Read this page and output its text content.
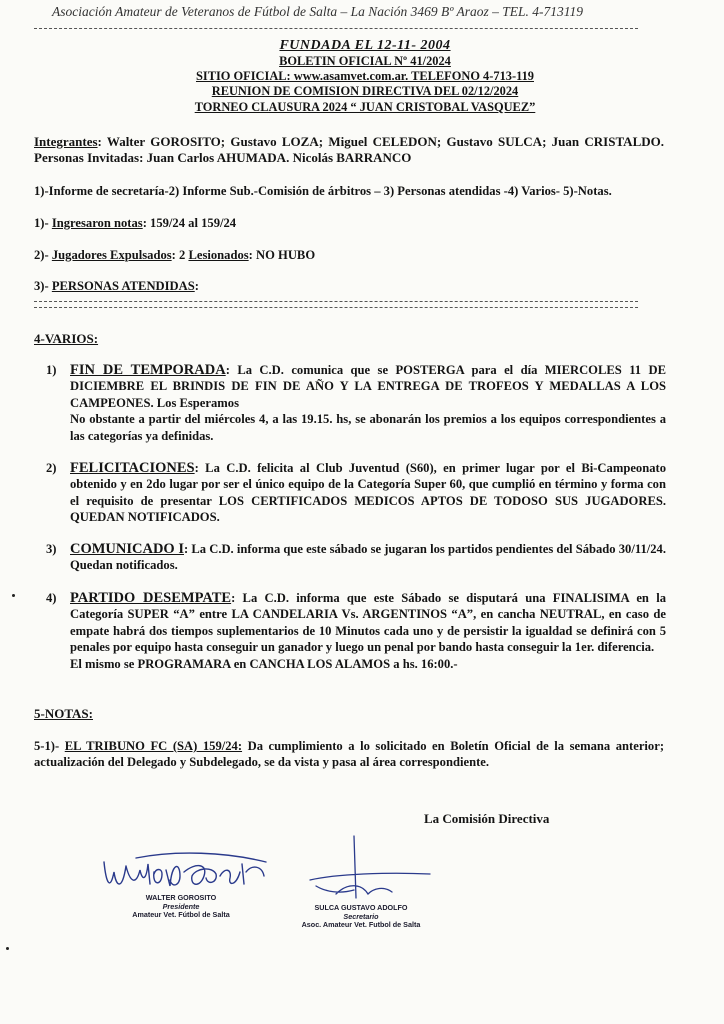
Asociación Amateur de Veteranos de Fútbol de Salta – La Nación 3469 Bº Araoz – TEL. 4-713119
FUNDADA EL 12-11- 2004
BOLETIN OFICIAL Nº 41/2024
SITIO OFICIAL: www.asamvet.com.ar. TELEFONO 4-713-119
REUNION DE COMISION DIRECTIVA DEL 02/12/2024
TORNEO CLAUSURA 2024 “ JUAN CRISTOBAL VASQUEZ”
Integrantes: Walter GOROSITO; Gustavo LOZA; Miguel CELEDON; Gustavo SULCA; Juan CRISTALDO. Personas Invitadas: Juan Carlos AHUMADA. Nicolás BARRANCO
1)-Informe de secretaría-2) Informe Sub.-Comisión de árbitros – 3) Personas atendidas -4) Varios- 5)-Notas.
1)- Ingresaron notas: 159/24 al 159/24
2)- Jugadores Expulsados: 2 Lesionados: NO HUBO
3)- PERSONAS ATENDIDAS:
4-VARIOS:
1) FIN DE TEMPORADA: La C.D. comunica que se POSTERGA para el día MIERCOLES 11 DE DICIEMBRE EL BRINDIS DE FIN DE AÑO Y LA ENTREGA DE TROFEOS Y MEDALLAS A LOS CAMPEONES. Los Esperamos
No obstante a partir del miércoles 4, a las 19.15. hs, se abonarán los premios a los equipos correspondientes a las categorías ya definidas.
2) FELICITACIONES: La C.D. felicita al Club Juventud (S60), en primer lugar por el Bi-Campeonato obtenido y en 2do lugar por ser el único equipo de la Categoría Super 60, que cumplió en término y forma con el requisito de presentar LOS CERTIFICADOS MEDICOS APTOS DE TODOSO SUS JUGADORES. QUEDAN NOTIFICADOS.
3) COMUNICADO I: La C.D. informa que este sábado se jugaran los partidos pendientes del Sábado 30/11/24. Quedan notificados.
4) PARTIDO DESEMPATE: La C.D. informa que este Sábado se disputará una FINALISIMA en la Categoría SUPER “A” entre LA CANDELARIA Vs. ARGENTINOS “A”, en cancha NEUTRAL, en caso de empate habrá dos tiempos suplementarios de 10 Minutos cada uno y de persistir la igualdad se definirá con 5 penales por equipo hasta conseguir un ganador y luego un penal por bando hasta conseguir la 1er. diferencia.
El mismo se PROGRAMARA en CANCHA LOS ALAMOS a hs. 16:00.-
5-NOTAS:
5-1)- EL TRIBUNO FC (SA) 159/24: Da cumplimiento a lo solicitado en Boletín Oficial de la semana anterior; actualización del Delegado y Subdelegado, se da vista y pasa al área correspondiente.
La Comisión Directiva
WALTER GOROSITO
Presidente
Amateur Vet. Fútbol de Salta
SULCA GUSTAVO ADOLFO
Secretario
Asoc. Amateur Vet. Futbol de Salta
